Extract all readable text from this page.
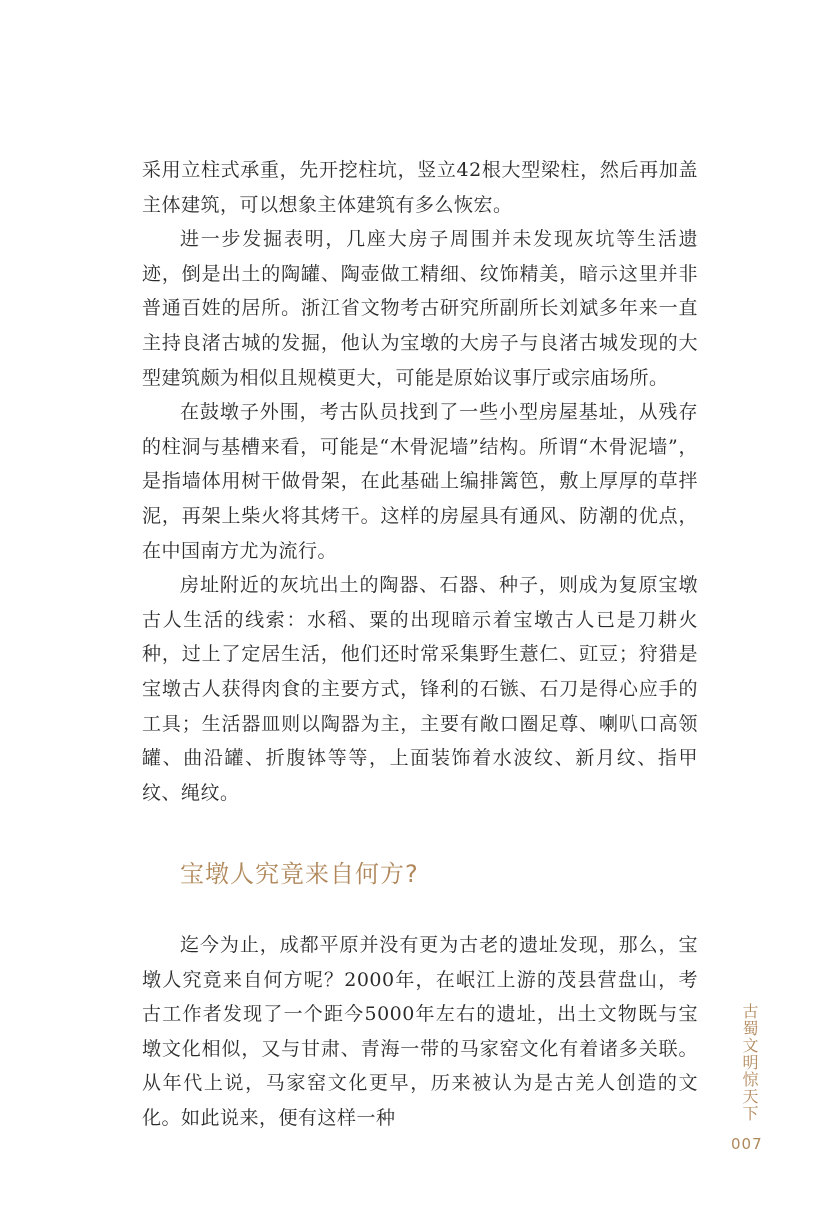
采用立柱式承重，先开挖柱坑，竖立42根大型梁柱，然后再加盖主体建筑，可以想象主体建筑有多么恢宏。

进一步发掘表明，几座大房子周围并未发现灰坑等生活遗迹，倒是出土的陶罐、陶壶做工精细、纹饰精美，暗示这里并非普通百姓的居所。浙江省文物考古研究所副所长刘斌多年来一直主持良渚古城的发掘，他认为宝墩的大房子与良渚古城发现的大型建筑颇为相似且规模更大，可能是原始议事厅或宗庙场所。

在鼓墩子外围，考古队员找到了一些小型房屋基址，从残存的柱洞与基槽来看，可能是“木骨泥墙”结构。所谓“木骨泥墙”，是指墙体用树干做骨架，在此基础上编排篱笆，敷上厚厚的草拌泥，再架上柴火将其烤干。这样的房屋具有通风、防潮的优点，在中国南方尤为流行。

房址附近的灰坑出土的陶器、石器、种子，则成为复原宝墩古人生活的线索：水稻、粟的出现暗示着宝墩古人已是刀耕火种，过上了定居生活，他们还时常采集野生薏仁、豇豆；狩猎是宝墩古人获得肉食的主要方式，锋利的石镞、石刀是得心应手的工具；生活器皿则以陶器为主，主要有敞口圈足尊、喇叭口高领罐、曲沿罐、折腹钵等等，上面装饰着水波纹、新月纹、指甲纹、绳纹。

宝墩人究竟来自何方?

迄今为止，成都平原并没有更为古老的遗址发现，那么，宝墩人究竟来自何方呢？2000年，在岷江上游的茂县营盘山，考古工作者发现了一个距今5000年左右的遗址，出土文物既与宝墩文化相似，又与甘肃、青海一带的马家窑文化有着诸多关联。从年代上说，马家窑文化更早，历来被认为是古羌人创造的文化。如此说来，便有这样一种	古蜀文明惊天下
007
